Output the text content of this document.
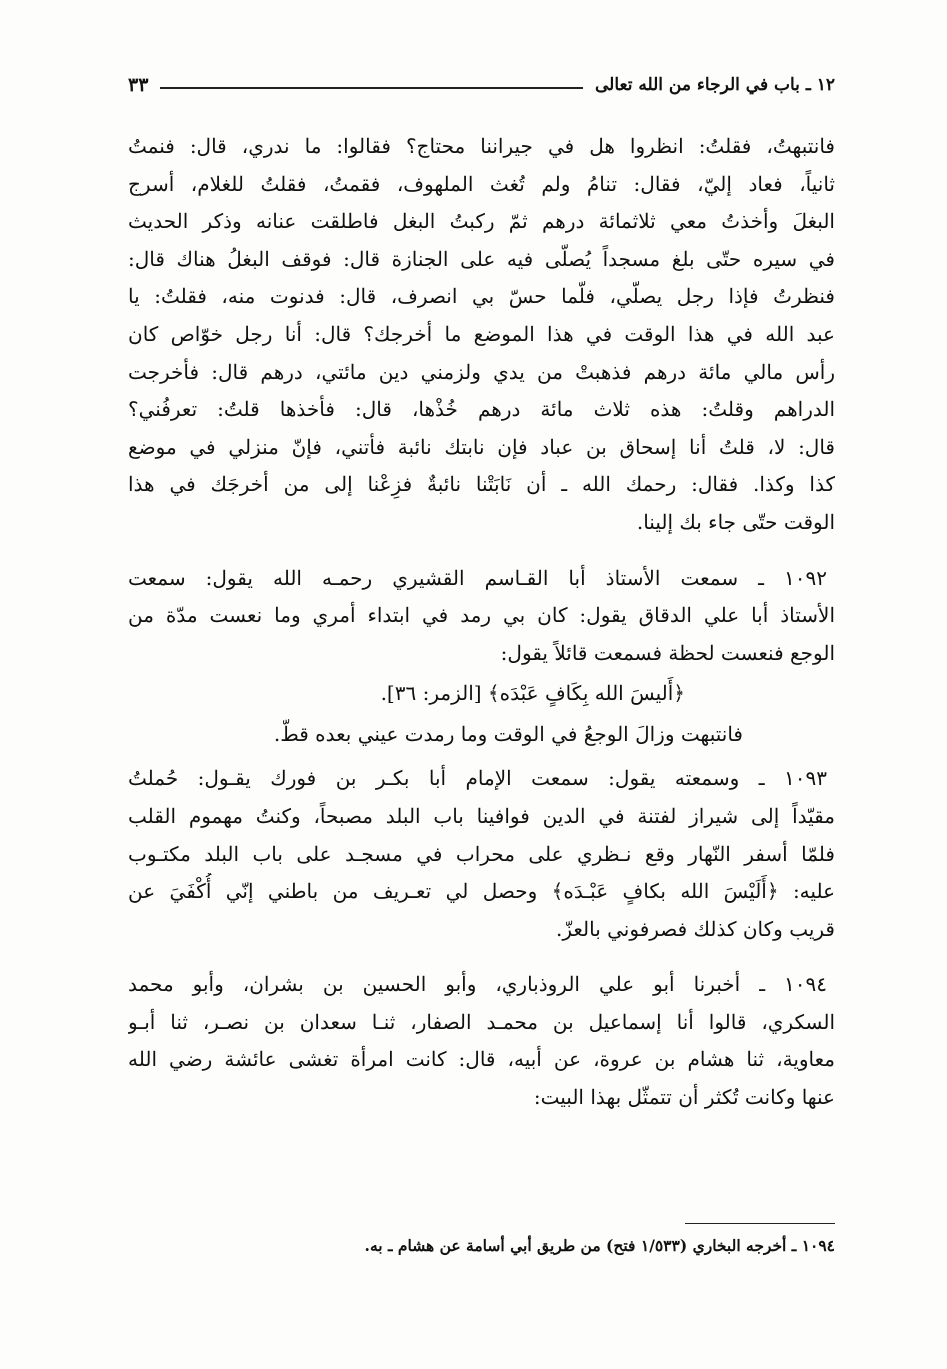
١٢ ـ باب في الرجاء من الله تعالى
٣٣
فانتبهتُ، فقلتُ: انظروا هل في جيراننا محتاج؟ فقالوا: ما ندري، قال: فنمتُ
ثانياً، فعاد إليّ، فقال: تنامُ ولم تُغث الملهوف، فقمتُ، فقلتُ للغلام، أسرج
البغلَ وأخذتُ معي ثلاثمائة درهم ثمّ ركبتُ البغل فاطلقت عنانه وذكر الحديث
في سيره حتّى بلغ مسجداً يُصلّى فيه على الجنازة قال: فوقف البغلُ هناك قال:
فنظرتُ فإذا رجل يصلّي، فلّما حسّ بي انصرف، قال: فدنوت منه، فقلتُ: يا
عبد الله في هذا الوقت في هذا الموضع ما أخرجك؟ قال: أنا رجل خوّاص كان
رأس مالي مائة درهم فذهبتْ من يدي ولزمني دين مائتي، درهم قال: فأخرجت
الدراهم وقلتُ: هذه ثلاث مائة درهم خُذْها، قال: فأخذها قلتُ: تعرفُني؟
قال: لا، قلتُ أنا إسحاق بن عباد فإن نابتك نائبة فأتني، فإنّ منزلي في موضع
كذا وكذا. فقال: رحمك الله ـ أن نَابَتْنا نائبةٌ فزِعْنا إلى من أخرجَك في هذا
الوقت حتّى جاء بك إلينا.
١٠٩٢ ـ سمعت الأستاذ أبا القـاسم القشيري رحمـه الله يقول: سمعت
الأستاذ أبا علي الدقاق يقول: كان بي رمد في ابتداء أمري وما نعست مدّة من
الوجع فنعست لحظة فسمعت قائلاً يقول:
﴿أَليسَ الله بِكَافٍ عَبْدَه﴾ [الزمر: ٣٦].
فانتبهت وزالَ الوجعُ في الوقت وما رمدت عيني بعده قطّ.
١٠٩٣ ـ وسمعته يقول: سمعت الإمام أبا بكـر بن فورك يقـول: حُملتُ
مقيّداً إلى شيراز لفتنة في الدين فوافينا باب البلد مصبحاً، وكنتُ مهموم القلب
فلمّا أسفر النّهار وقع نـظري على محراب في مسجـد على باب البلد مكتـوب
عليه: ﴿أَلَيْسَ الله بكافٍ عَبْـدَه﴾ وحصل لي تعـريف من باطني إنّي أُكْفَيَ عن
قريب وكان كذلك فصرفوني بالعزّ.
١٠٩٤ ـ أخبرنا أبو علي الروذباري، وأبو الحسين بن بشران، وأبو محمد
السكري، قالوا أنا إسماعيل بن محمـد الصفار، ثنـا سعدان بن نصـر، ثنا أبـو
معاوية، ثنا هشام بن عروة، عن أبيه، قال: كانت امرأة تغشى عائشة رضي الله
عنها وكانت تُكثر أن تتمثّل بهذا البيت:
١٠٩٤ ـ أخرجه البخاري (١/٥٣٣ فتح) من طريق أبي أسامة عن هشام ـ به.
